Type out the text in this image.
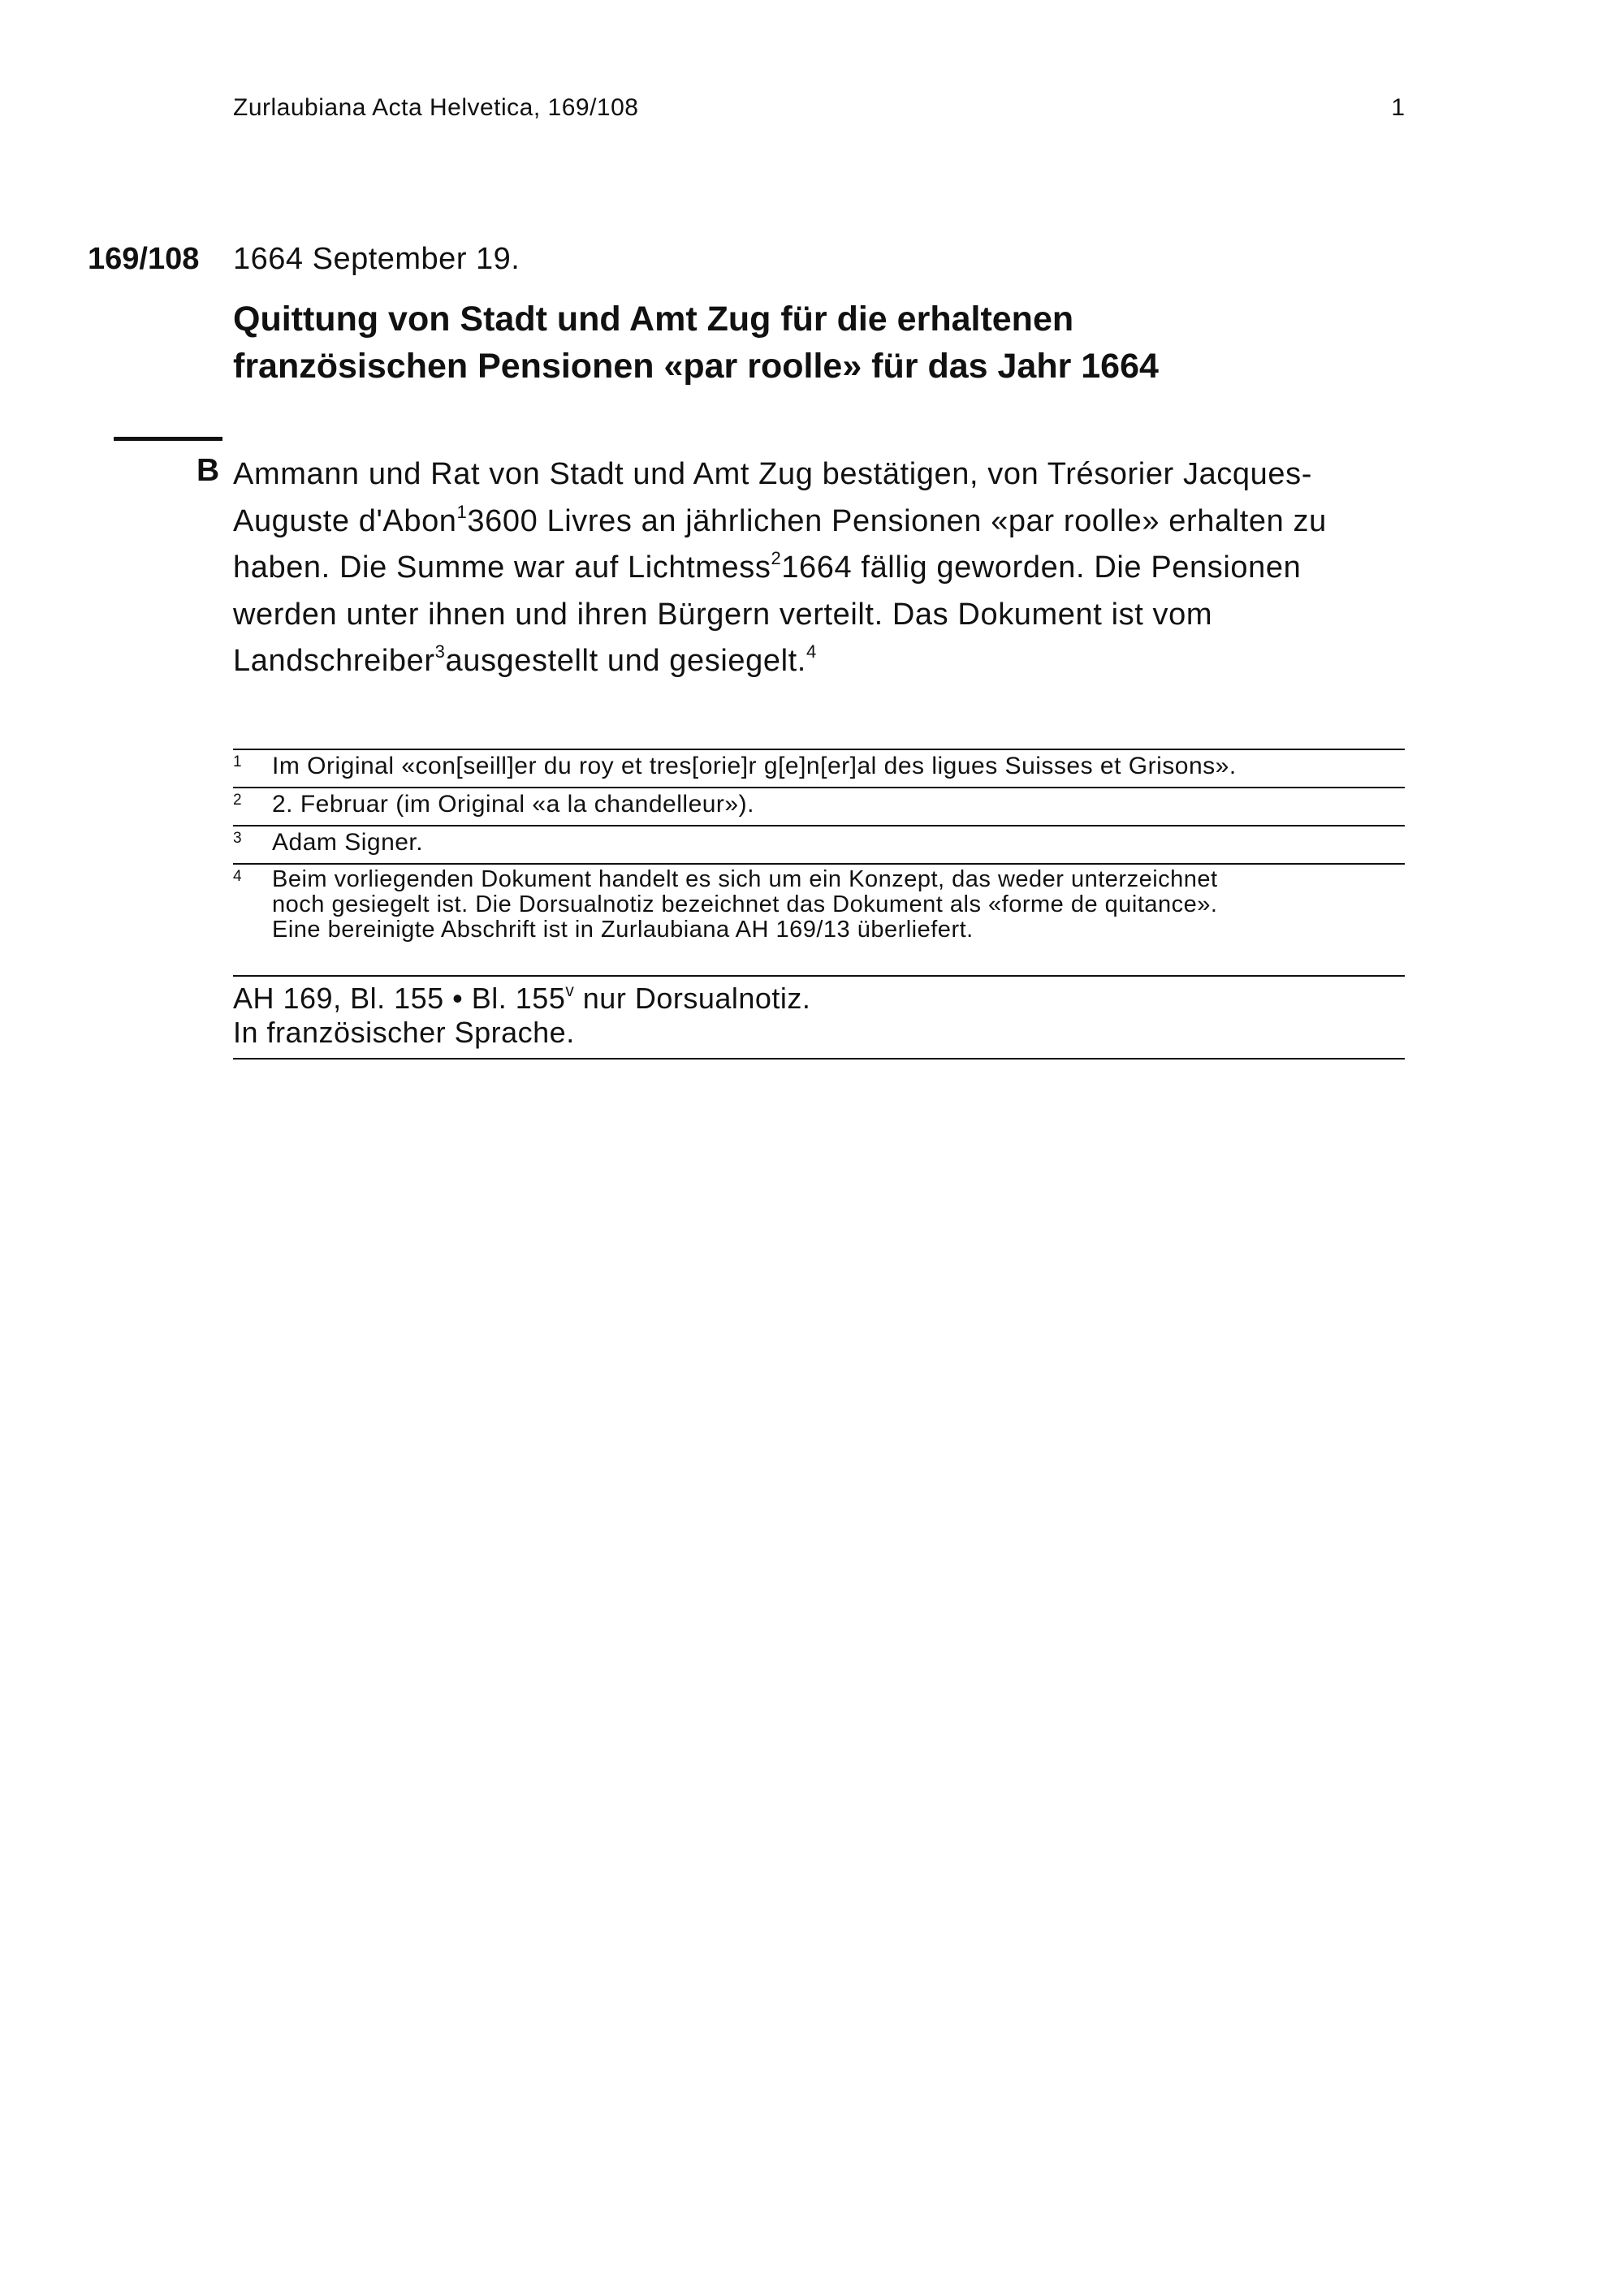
Zurlaubiana Acta Helvetica, 169/108	1
169/108 1664 September 19.
Quittung von Stadt und Amt Zug für die erhaltenen
französischen Pensionen «par roolle» für das Jahr 1664
B Ammann und Rat von Stadt und Amt Zug bestätigen, von Trésorier Jacques-
Auguste d'Abon$^1$3600 Livres an jährlichen Pensionen «par roolle» erhalten zu
haben. Die Summe war auf Lichtmess$^2$1664 fällig geworden. Die Pensionen
werden unter ihnen und ihren Bürgern verteilt. Das Dokument ist vom
Landschreiber$^3$ausgestellt und gesiegelt.$^4$
1	Im Original «con[seill]er du roy et tres[orie]r g[e]n[er]al des ligues Suisses et Grisons».
2	2. Februar (im Original «a la chandelleur»).
3	Adam Signer.
4	Beim vorliegenden Dokument handelt es sich um ein Konzept, das weder unterzeichnet
noch gesiegelt ist. Die Dorsualnotiz bezeichnet das Dokument als «forme de quitance».
Eine bereinigte Abschrift ist in Zurlaubiana AH 169/13 überliefert.
AH 169, Bl. 155 • Bl. 155$^v$ nur Dorsualnotiz.
In französischer Sprache.
